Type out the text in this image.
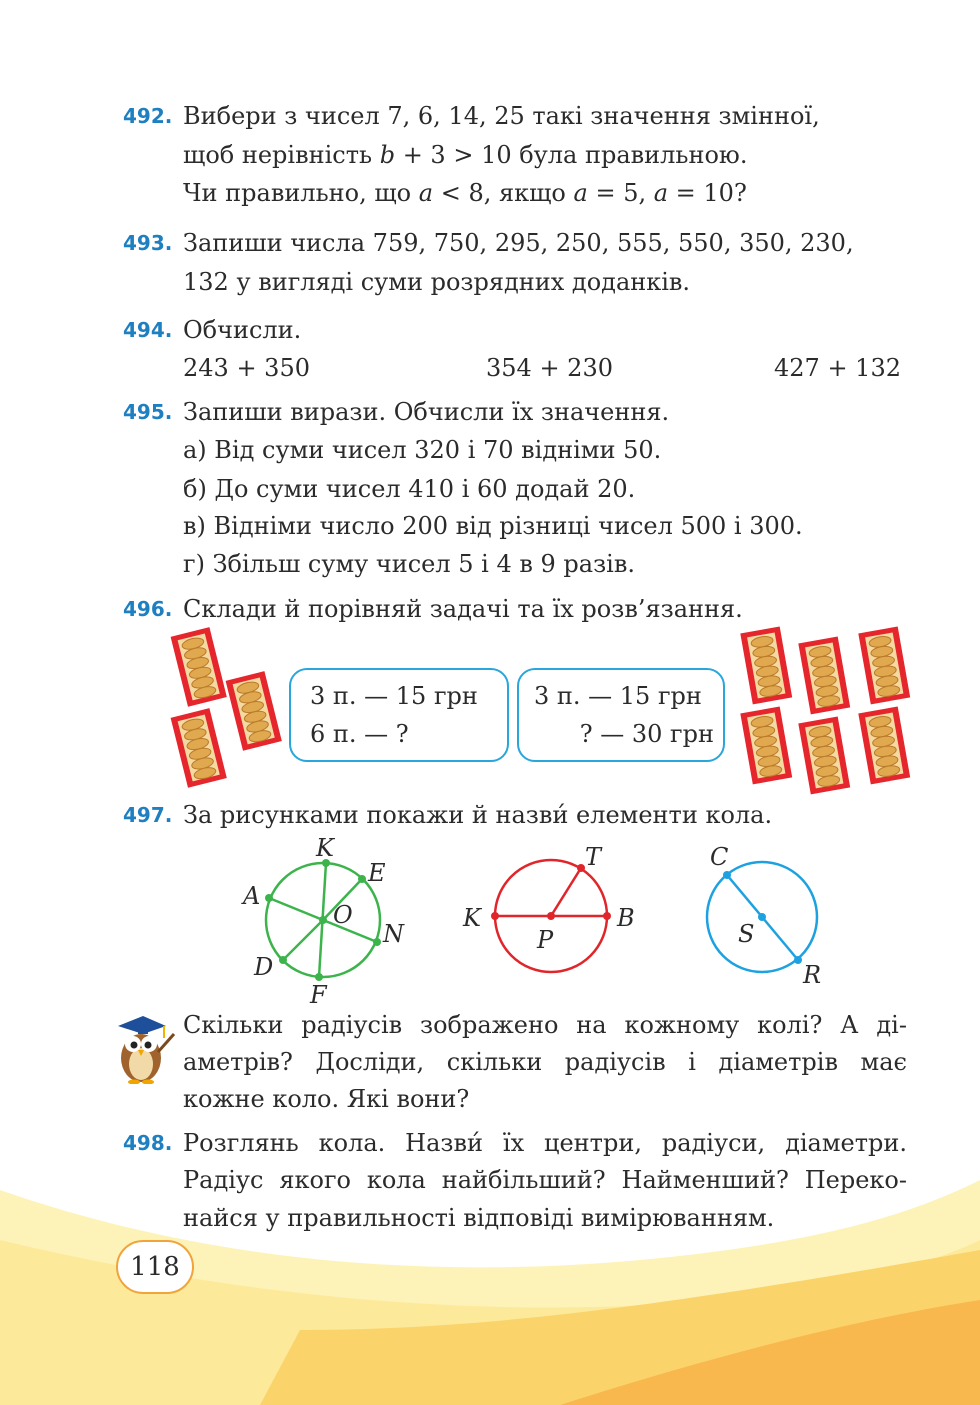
492. Вибери з чисел 7, 6, 14, 25 такі значення змінної,
щоб нерівність b + 3 > 10 була правильною.
Чи правильно, що a < 8, якщо a = 5, a = 10?
493. Запиши числа 759, 750, 295, 250, 555, 550, 350, 230,
132 у вигляді суми розрядних доданків.
494. Обчисли.
243 + 350	354 + 230	427 + 132
495. Запиши вирази. Обчисли їх значення.
а) Від суми чисел 320 і 70 відніми 50.
б) До суми чисел 410 і 60 додай 20.
в) Відніми число 200 від різниці чисел 500 і 300.
г) Збільш суму чисел 5 і 4 в 9 разів.
496. Склади й порівняй задачі та їх розв’язання.
3 п. — 15 грн
6 п. — ?
3 п. — 15 грн
? — 30 грн
497. За рисунками покажи й назви́ елементи кола.
K
E
A
O
N
D
F
T
K	B
P
C
S
R
Скільки радіусів зображено на кожному колі? А ді-
аметрів? Досліди, скільки радіусів і діаметрів має
кожне коло. Які вони?
498. Розглянь кола. Назви́ їх центри, радіуси, діаметри.
Радіус якого кола найбільший? Найменший? Переко-
найся у правильності відповіді вимірюванням.
118
